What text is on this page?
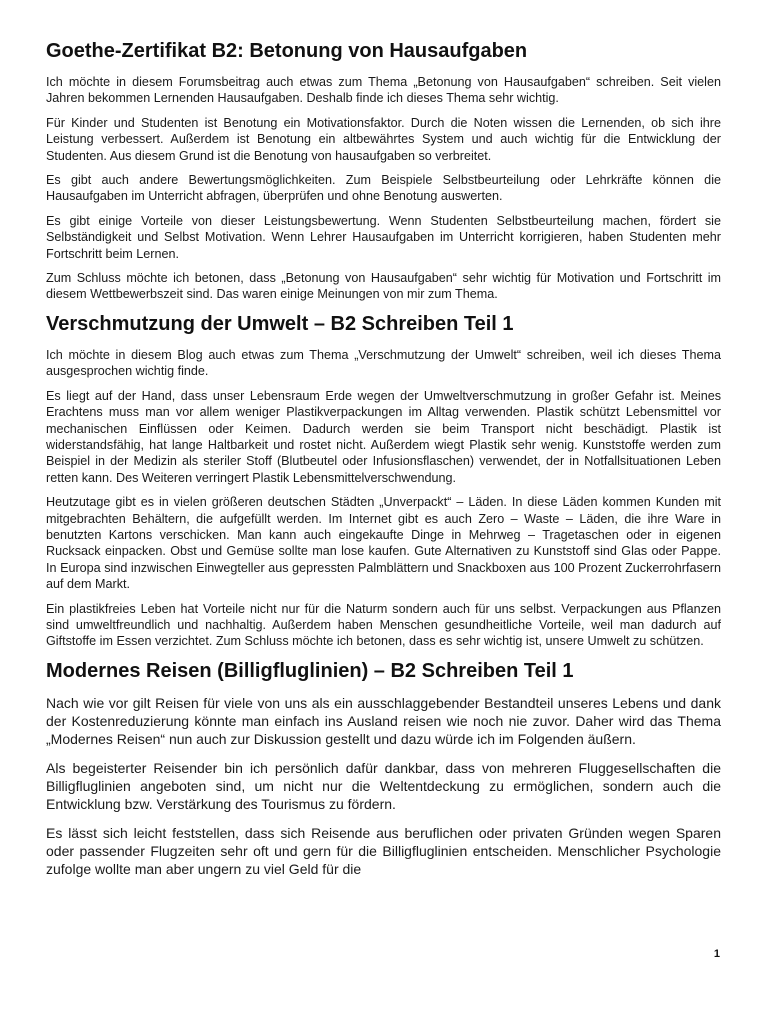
Goethe-Zertifikat B2: Betonung von Hausaufgaben

Ich möchte in diesem Forumsbeitrag auch etwas zum Thema „Betonung von Hausaufgaben“ schreiben. Seit vielen Jahren bekommen Lernenden Hausaufgaben. Deshalb finde ich dieses Thema sehr wichtig.

Für Kinder und Studenten ist Benotung ein Motivationsfaktor. Durch die Noten wissen die Lernenden, ob sich ihre Leistung verbessert. Außerdem ist Benotung ein altbewährtes System und auch wichtig für die Entwicklung der Studenten. Aus diesem Grund ist die Benotung von hausaufgaben so verbreitet.

Es gibt auch andere Bewertungsmöglichkeiten. Zum Beispiele Selbstbeurteilung oder Lehrkräfte können die Hausaufgaben im Unterricht abfragen, überprüfen und ohne Benotung auswerten.

Es gibt einige Vorteile von dieser Leistungsbewertung. Wenn Studenten Selbstbeurteilung machen, fördert sie Selbständigkeit und Selbst Motivation. Wenn Lehrer Hausaufgaben im Unterricht korrigieren, haben Studenten mehr Fortschritt beim Lernen.

Zum Schluss möchte ich betonen, dass „Betonung von Hausaufgaben“ sehr wichtig für Motivation und Fortschritt im diesem Wettbewerbszeit sind. Das waren einige Meinungen von mir zum Thema.

Verschmutzung der Umwelt – B2 Schreiben Teil 1

Ich möchte in diesem Blog auch etwas zum Thema „Verschmutzung der Umwelt“ schreiben, weil ich dieses Thema ausgesprochen wichtig finde.

Es liegt auf der Hand, dass unser Lebensraum Erde wegen der Umweltverschmutzung in großer Gefahr ist. Meines Erachtens muss man vor allem weniger Plastikverpackungen im Alltag verwenden. Plastik schützt Lebensmittel vor mechanischen Einflüssen oder Keimen. Dadurch werden sie beim Transport nicht beschädigt. Plastik ist widerstandsfähig, hat lange Haltbarkeit und rostet nicht. Außerdem wiegt Plastik sehr wenig. Kunststoffe werden zum Beispiel in der Medizin als steriler Stoff (Blutbeutel oder Infusionsflaschen) verwendet, der in Notfallsituationen Leben retten kann. Des Weiteren verringert Plastik Lebensmittelverschwendung.

Heutzutage gibt es in vielen größeren deutschen Städten „Unverpackt“ – Läden. In diese Läden kommen Kunden mit mitgebrachten Behältern, die aufgefüllt werden. Im Internet gibt es auch Zero – Waste – Läden, die ihre Ware in benutzten Kartons verschicken. Man kann auch eingekaufte Dinge in Mehrweg – Tragetaschen oder in eigenen Rucksack einpacken. Obst und Gemüse sollte man lose kaufen. Gute Alternativen zu Kunststoff sind Glas oder Pappe. In Europa sind inzwischen Einwegteller aus gepressten Palmblättern und Snackboxen aus 100 Prozent Zuckerrohrfasern auf dem Markt.

Ein plastikfreies Leben hat Vorteile nicht nur für die Naturm sondern auch für uns selbst. Verpackungen aus Pflanzen sind umweltfreundlich und nachhaltig. Außerdem haben Menschen gesundheitliche Vorteile, weil man dadurch auf Giftstoffe im Essen verzichtet. Zum Schluss möchte ich betonen, dass es sehr wichtig ist, unsere Umwelt zu schützen.

Modernes Reisen (Billigfluglinien) – B2 Schreiben Teil 1

Nach wie vor gilt Reisen für viele von uns als ein ausschlaggebender Bestandteil unseres Lebens und dank der Kostenreduzierung könnte man einfach ins Ausland reisen wie noch nie zuvor. Daher wird das Thema „Modernes Reisen“ nun auch zur Diskussion gestellt und dazu würde ich im Folgenden äußern.

Als begeisterter Reisender bin ich persönlich dafür dankbar, dass von mehreren Fluggesellschaften die Billigfluglinien angeboten sind, um nicht nur die Weltentdeckung zu ermöglichen, sondern auch die Entwicklung bzw. Verstärkung des Tourismus zu fördern.

Es lässt sich leicht feststellen, dass sich Reisende aus beruflichen oder privaten Gründen wegen Sparen oder passender Flugzeiten sehr oft und gern für die Billigfluglinien entscheiden. Menschlicher Psychologie zufolge wollte man aber ungern zu viel Geld für die

1
